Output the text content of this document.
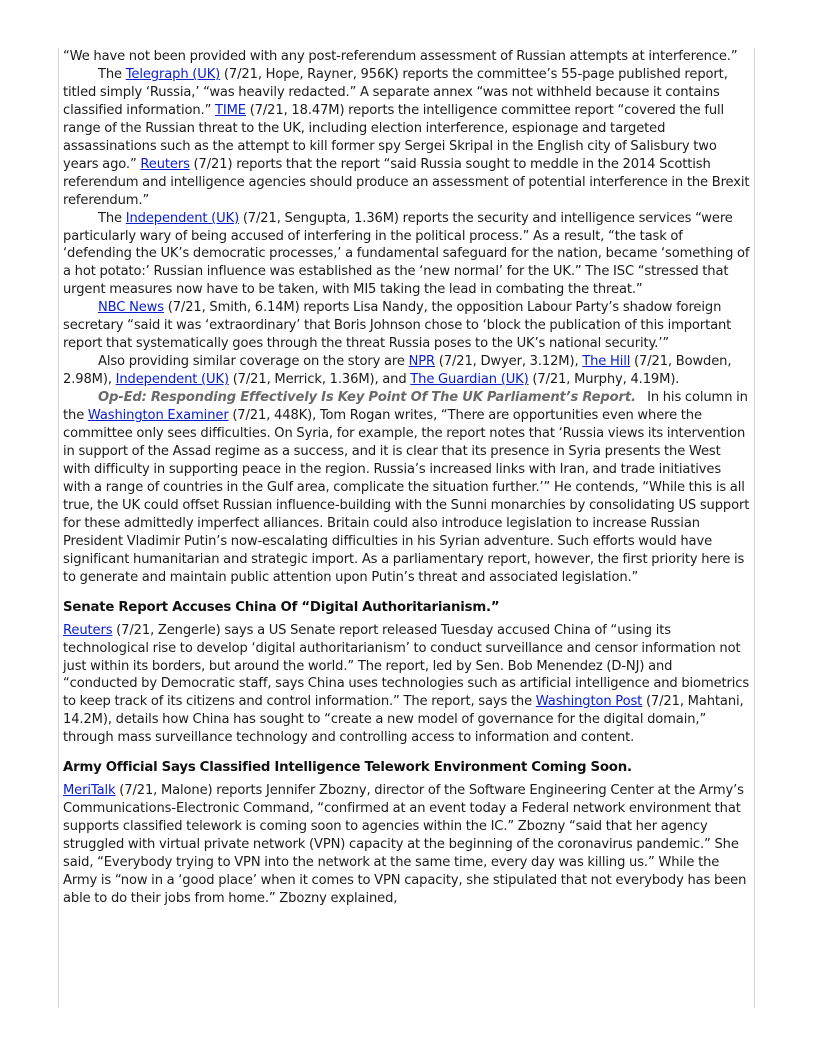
“We have not been provided with any post-referendum assessment of Russian attempts at interference.”

The Telegraph (UK) (7/21, Hope, Rayner, 956K) reports the committee’s 55-page published report, titled simply ‘Russia,’ “was heavily redacted.” A separate annex “was not withheld because it contains classified information.” TIME (7/21, 18.47M) reports the intelligence committee report “covered the full range of the Russian threat to the UK, including election interference, espionage and targeted assassinations such as the attempt to kill former spy Sergei Skripal in the English city of Salisbury two years ago.” Reuters (7/21) reports that the report “said Russia sought to meddle in the 2014 Scottish referendum and intelligence agencies should produce an assessment of potential interference in the Brexit referendum.”

The Independent (UK) (7/21, Sengupta, 1.36M) reports the security and intelligence services “were particularly wary of being accused of interfering in the political process.” As a result, “the task of ‘defending the UK’s democratic processes,’ a fundamental safeguard for the nation, became ‘something of a hot potato:’ Russian influence was established as the ‘new normal’ for the UK.” The ISC “stressed that urgent measures now have to be taken, with MI5 taking the lead in combating the threat.”

NBC News (7/21, Smith, 6.14M) reports Lisa Nandy, the opposition Labour Party’s shadow foreign secretary “said it was ‘extraordinary’ that Boris Johnson chose to ‘block the publication of this important report that systematically goes through the threat Russia poses to the UK’s national security.’”

Also providing similar coverage on the story are NPR (7/21, Dwyer, 3.12M), The Hill (7/21, Bowden, 2.98M), Independent (UK) (7/21, Merrick, 1.36M), and The Guardian (UK) (7/21, Murphy, 4.19M).

Op-Ed: Responding Effectively Is Key Point Of The UK Parliament’s Report.   In his column in the Washington Examiner (7/21, 448K), Tom Rogan writes, “There are opportunities even where the committee only sees difficulties. On Syria, for example, the report notes that ‘Russia views its intervention in support of the Assad regime as a success, and it is clear that its presence in Syria presents the West with difficulty in supporting peace in the region. Russia’s increased links with Iran, and trade initiatives with a range of countries in the Gulf area, complicate the situation further.’” He contends, “While this is all true, the UK could offset Russian influence-building with the Sunni monarchies by consolidating US support for these admittedly imperfect alliances. Britain could also introduce legislation to increase Russian President Vladimir Putin’s now-escalating difficulties in his Syrian adventure. Such efforts would have significant humanitarian and strategic import. As a parliamentary report, however, the first priority here is to generate and maintain public attention upon Putin’s threat and associated legislation.”

Senate Report Accuses China Of “Digital Authoritarianism.”

Reuters (7/21, Zengerle) says a US Senate report released Tuesday accused China of “using its technological rise to develop ‘digital authoritarianism’ to conduct surveillance and censor information not just within its borders, but around the world.” The report, led by Sen. Bob Menendez (D-NJ) and “conducted by Democratic staff, says China uses technologies such as artificial intelligence and biometrics to keep track of its citizens and control information.” The report, says the Washington Post (7/21, Mahtani, 14.2M), details how China has sought to “create a new model of governance for the digital domain,” through mass surveillance technology and controlling access to information and content.

Army Official Says Classified Intelligence Telework Environment Coming Soon.

MeriTalk (7/21, Malone) reports Jennifer Zbozny, director of the Software Engineering Center at the Army’s Communications-Electronic Command, “confirmed at an event today a Federal network environment that supports classified telework is coming soon to agencies within the IC.” Zbozny “said that her agency struggled with virtual private network (VPN) capacity at the beginning of the coronavirus pandemic.” She said, “Everybody trying to VPN into the network at the same time, every day was killing us.” While the Army is “now in a ‘good place’ when it comes to VPN capacity, she stipulated that not everybody has been able to do their jobs from home.” Zbozny explained,
